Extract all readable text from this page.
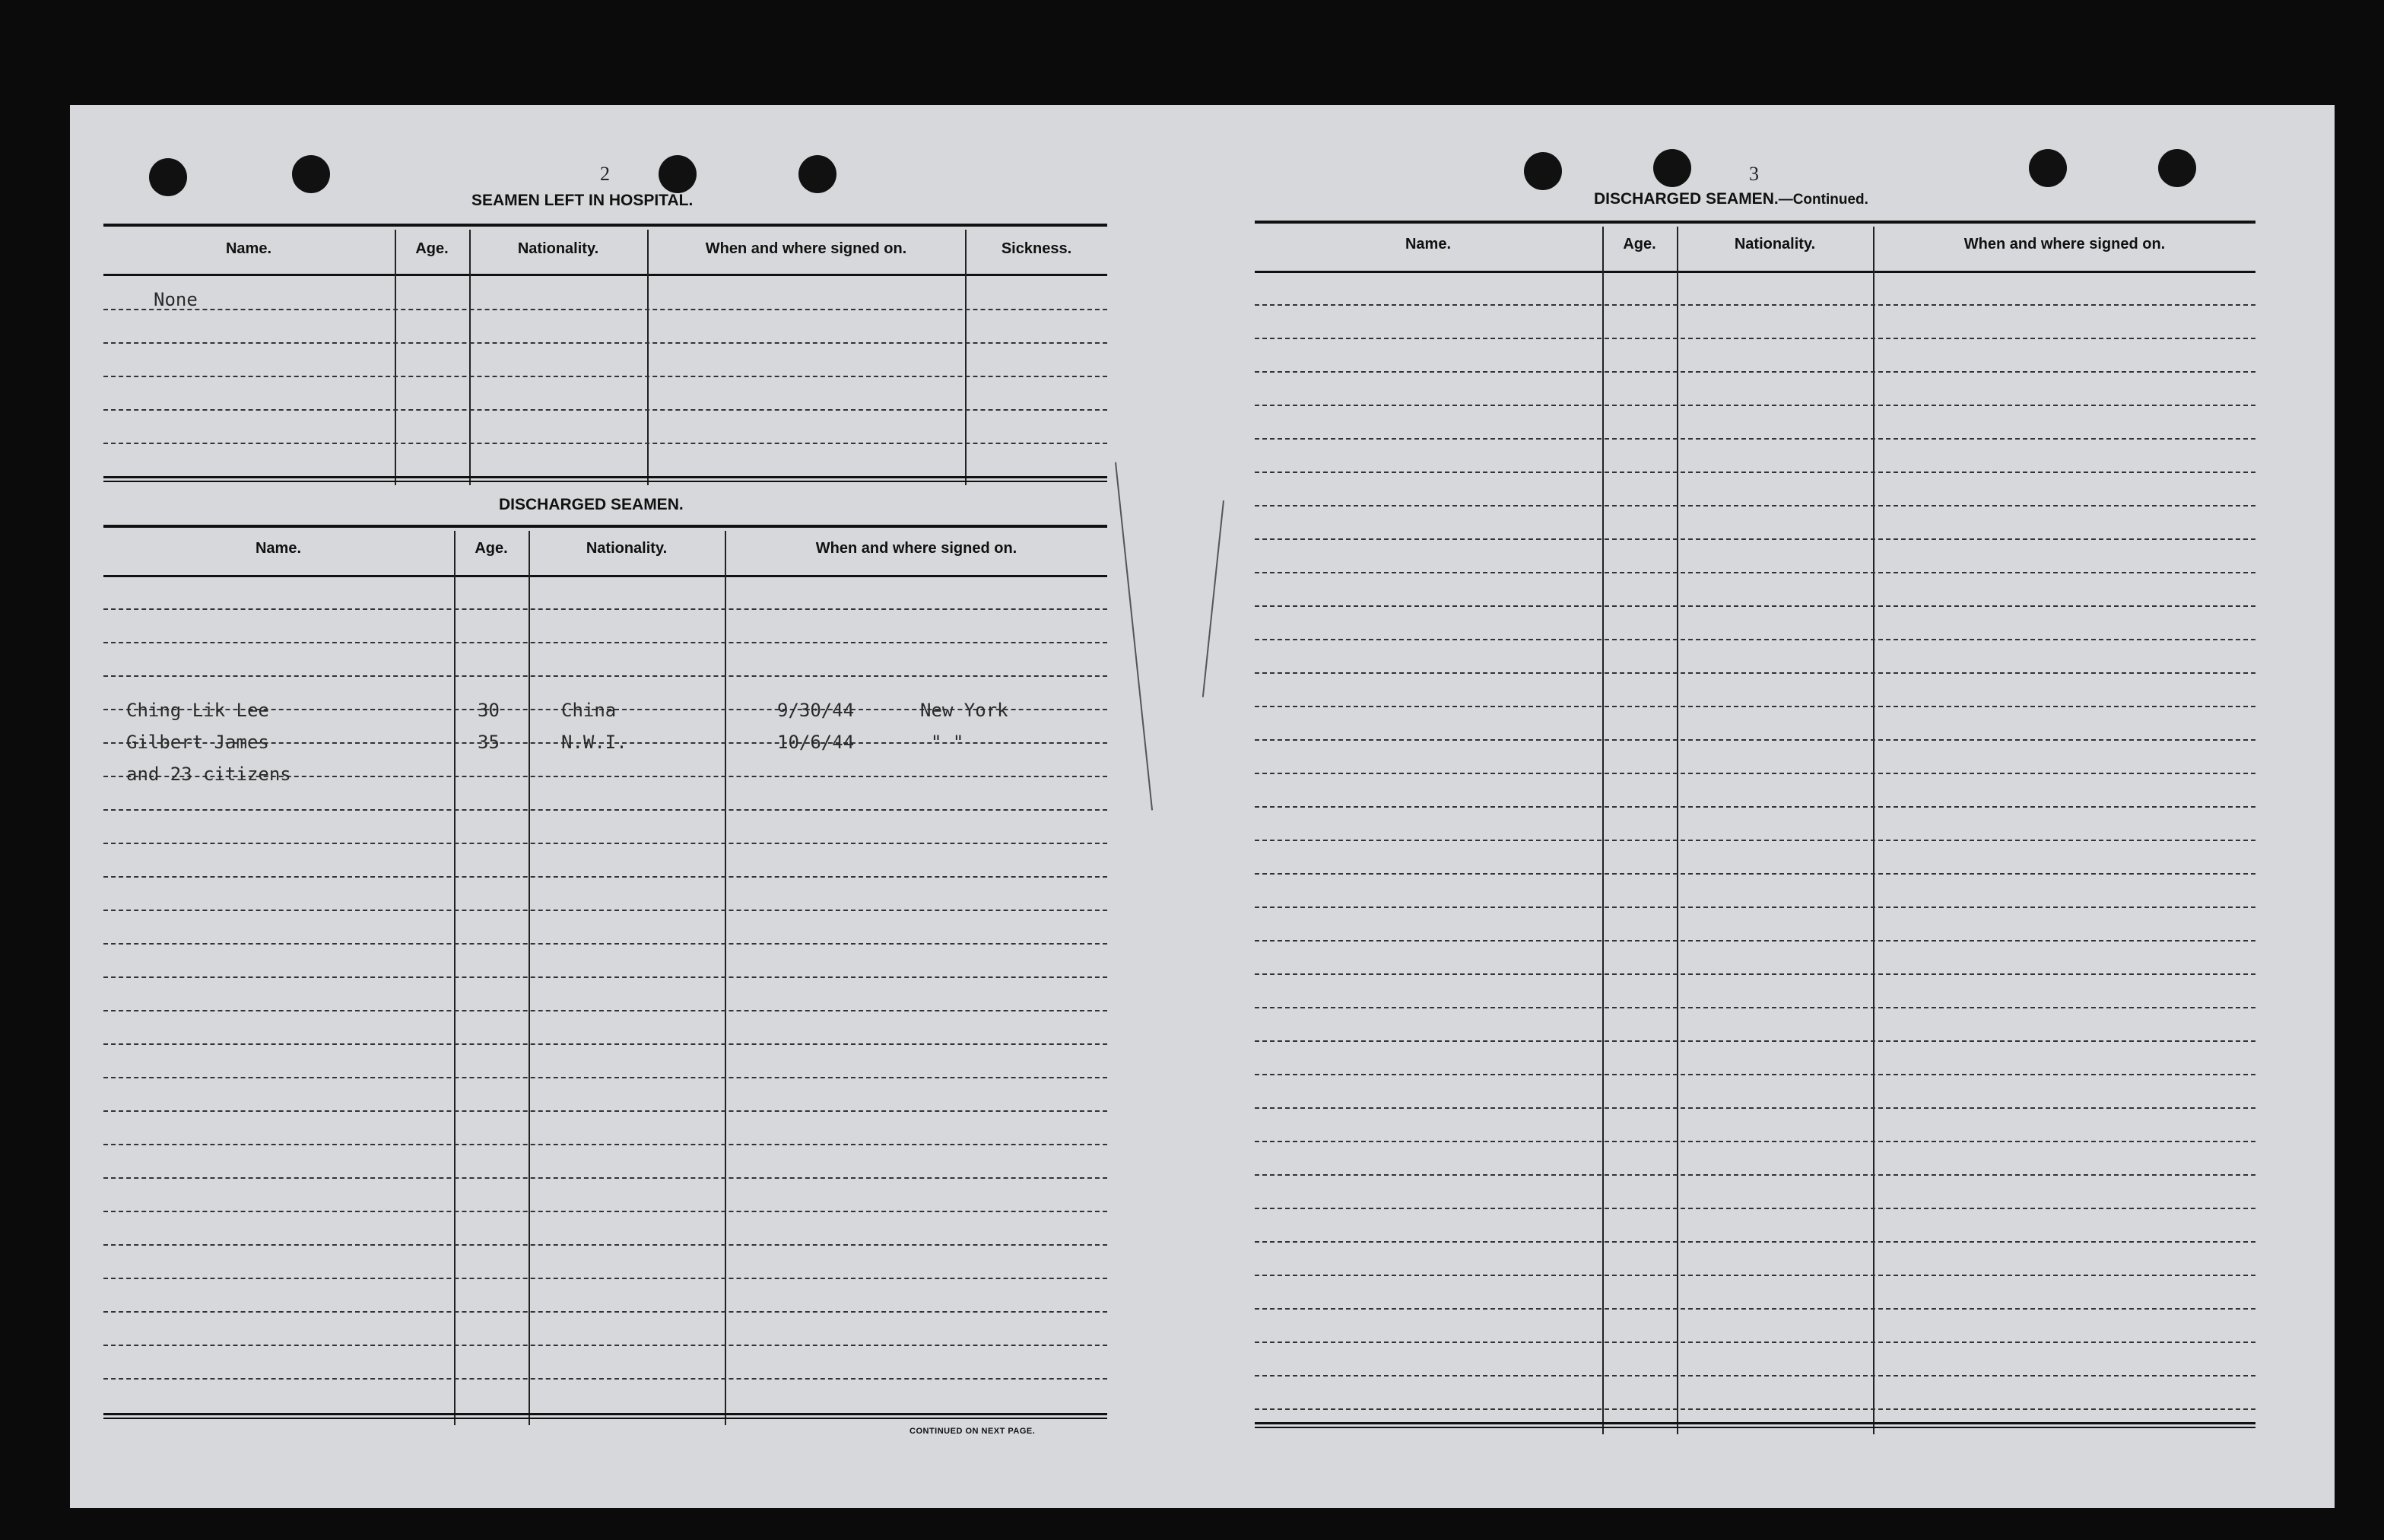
2
SEAMEN LEFT IN HOSPITAL.
Name.	Age.	Nationality.	When and where signed on.	Sickness.
None
DISCHARGED SEAMEN.
Name.	Age.	Nationality.	When and where signed on.
Ching Lik Lee	30	China	9/30/44	New York
Gilbert James	35	N.W.I.	10/6/44	" "
and 23 citizens
CONTINUED ON NEXT PAGE.
3
DISCHARGED SEAMEN.—Continued.
Name.	Age.	Nationality.	When and where signed on.
